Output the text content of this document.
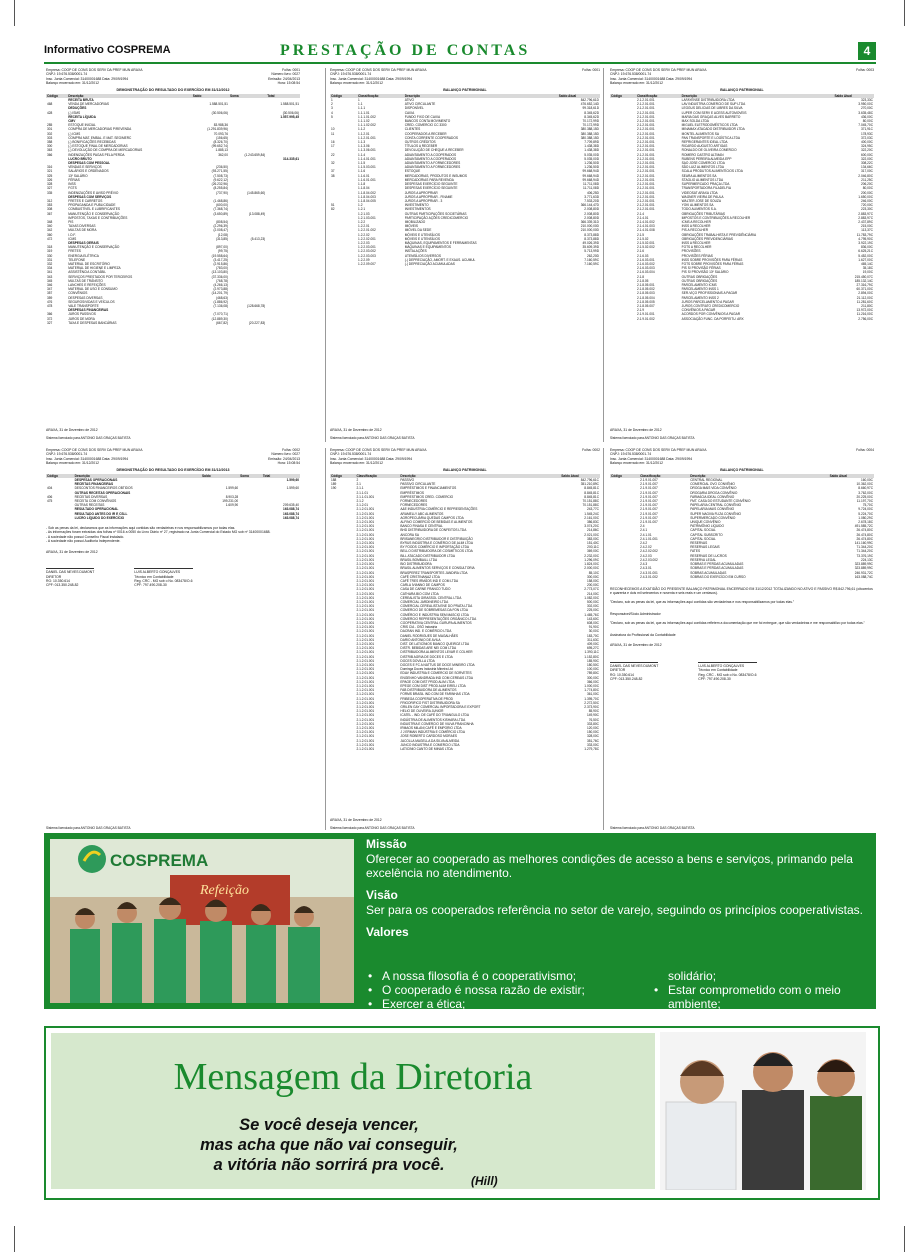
Informativo COSPREMA	PRESTAÇÃO DE CONTAS	4
Empresa: COOP DE CONS DOS SERV DA PREF MUN ARAXA
CNPJ: 19.676.538/0001-74
Insc. Junta Comercial: 31400001688 Data: 29/09/1994
Balanço encerrado em: 31/12/2012
Folha: 0001
Número livro: 0027
Emissão: 24/04/2013
Hora: 15:08:54
DEMONSTRAÇÃO DO RESULTADO DO EXERCÍCIO EM 31/12/2012
Código	Descrição	Saldo	Soma	Total
	RECEITA BRUTA			
468	VENDA DE MERCADORIAS	1.588.501,51		1.588.501,51
	DEDUÇÕES			
428	(-) ISMS	(30.506,06)		(30.506,06)
	RECEITA LÍQUIDA			1.557.995,45
	CMV			
285	ESTOQUE INICIAL	83.988,36		
301	COMPRA DE MERCADORIAS P/REVENDA	(1.291.839,96)		
302	(-) ICMS	70.093,76		
303	COMPRA MAT. EMBAL. E MAT. SEG/MERC	(156,65)		
358	(-) BONIFICAÇÕES RECEBIDAS	(8.326,70)		
300	(-) ESTOQUE FINAL DE MERCADORIAS	(99.652,74)		
363	(-) DEVOLUÇÃO DE COMPRA DE MERCADORIAS	1.885,13		
366	INDENIZAÇÕES PAGAS PELA PERDA	362,00	(1.243.659,84)	
	LUCRO BRUTO			314.335,61
	DESPESAS COM PESSOAL			
316	VENDAS E SERVIÇOS	(236,50)		
321	SALÁRIOS E ORDENADOS	(93.271,55)		
325	13º SALÁRIO	(7.508,73)		
326	FÉRIAS	(9.622,12)		
328	INSS	(26.232,96)		
327	FGTS	(8.255,84)		
335	INDENIZAÇÕES E AVISO PRÉVIO	(737,90)	(145.865,60)	
	DESPESAS COM SERVIÇOS			
312	FRETES E CARRETOS	(1.468,86)		
353	PROPAGANDA E PUBLICIDADE	(600,00)		
308	COMBUSTÍVEL E LUBRIFICANTES	(7.368,74)		
367	MANUTENÇÃO E CONSERVAÇÃO	(3.650,89)	(13.088,49)	
	IMPOSTOS, TAXAS E CONTRIBUIÇÕES			
348	PIS	(808,54)		
340	TAXAS DIVERSAS	(2.296,39)		
342	MULTAS DE MORA	(2.008,47)		
360	I.O.F.	(12,08)		
472	ICMS	(313,85)	(5.413,23)	
	DESPESAS GERAIS			
318	MANUTENÇÃO E CONSERVAÇÃO	(897,00)		
319	FRETES	(99,75)		
330	ENERGIA ELÉTRICA	(19.558,64)		
331	TELEFONE	(3.417,25)		
332	MATERIAL DE ESCRITÓRIO	(2.915,86)		
334	MATERIAL DE HIGIENE E LIMPEZA	(783,00)		
341	ASSISTÊNCIA CONTÁBIL	(13.103,80)		
343	SERVIÇOS PRESTADOS POR TERCEIROS	(37.336,00)		
345	MULTAS DE TRÂNSITO	(768,78)		
346	LANCHES E REFEIÇÕES	(4.266,13)		
347	MATERIAL DE USO E CONSUMO	(2.973,88)		
357	CONVÊNIOS	(14.201,79)		
359	DESPESAS DIVERSAS	(468,63)		
476	SEGUROS/VIDAS E VEÍCULOS	(1.886,92)		
478	VALE TRANSPORTE	(7.136,08)	(128.668,78)	
	DESPESAS FINANCEIRAS			
366	JUROS PASSIVOS	(7.070,71)		
372	JUROS DE MORA	(12.889,30)		
327	TAXA E DESPESAS BANCÁRIAS	(667,82)	(20.227,83)	
ARAXA, 31 de Dezembro de 2012
Sistema licenciado para ANTONIO DAS GRAÇAS BATISTA
Empresa: COOP DE CONS DOS SERV DA PREF MUN ARAXA
CNPJ: 19.676.538/0001-74
Insc. Junta Comercial: 31400001688 Data: 29/09/1994
Balanço encerrado em: 31/12/2012
Folha: 0001
BALANÇO PATRIMONIAL
Código	Classificação	Descrição	Saldo Atual
1	1	ATIVO	842.796,61D
2	1.1	ATIVO CIRCULANTE	476.652,14D
3	1.1.1	DISPONÍVEL	99.318,61D
4	1.1.1.01	CAIXA	8.345,62D
5	1.1.1.01.002	FUNDO FIXO DE CAIXA	8.345,62D
	1.1.1.02	BANCOS CONTA MOVIMENTO	70.172,99D
	1.1.1.02.002	CRED. COMERCIO CC 3300	70.172,99D
10	1.1.2	CLIENTES	380.388,15D
11	1.1.2.01	COOPERADOS A RECEBER	380.388,15D
	1.1.2.01.001	CONTA CORRENTE COOPERADOS	380.388,15D
16	1.1.3	OUTROS CRÉDITOS	7.709,89D
17	1.1.3.06	TÍTULOS A RECEBER	1.438,38D
	1.1.3.06.001	DEVOLUÇÃO DE CHEQUE A RECEBER	1.438,38D
22	1.1.4	ADIANTAMENTO A COOPERADOS	5.035,00D
	1.1.4.01.001	ADIANTAMENTO A COOPERADOS	5.035,00D
32	1.1.5	ADIANTAMENTO A FORNECEDORES	1.236,50D
	1.1.5.03.001	ADIANTAMENTO A FORNECEDORES	1.236,50D
37	1.1.6	ESTOQUE	99.668,94D
38	1.1.6.01	MERCADORIAS, PRODUTOS E INSUMOS	99.668,94D
	1.1.6.01.001	MERCADORIAS PARA REVENDA	99.668,94D
	1.1.8	DESPESAS EXERCÍCIO SEGUINTE	11.711,08D
	1.1.8.04	DESPESAS EXERCÍCIO SEGUINTE	11.711,08D
	1.1.8.04.002	JUROS A APROPRIAR	406,25D
	1.1.8.04.003	JUROS A APROPRIAR - FINAME	3.771,63D
	1.1.8.04.005	JUROS A APROPRIAR - 3	7.533,20D
51	1.2	INVESTIMENTO	366.144,47D
82	1.2.1	INVESTIMENTOS	2.008,80D
	1.2.1.03	OUTRAS PARTICIPAÇÕES SOCIETÁRIAS	2.008,80D
	1.2.1.03.001	PARTICIPAÇÃO AÇÕES CREDICOMERCIO	2.008,80D
	1.2.2	IMOBILIZADO	366.339,31D
	1.2.2.01	IMÓVEIS	210.000,00D
	1.2.2.01.002	IMÓVEL DA SEDE	210.000,00D
	1.2.2.02	MÓVEIS E UTENSÍLIOS	8.373,88D
	1.2.2.02.001	MÓVEIS E UTENSÍLIOS	8.373,88D
	1.2.2.03	MÁQUINAS, EQUIPAMENTOS E FERRAMENTAS	49.026,39D
	1.2.2.03.001	MÁQUINAS E EQUIPAMENTOS	35.609,39D
	1.2.2.03.002	INSTALAÇÕES	5.713,99D
	1.2.2.03.003	UTENSÍLIOS DIVERSOS	262,20D
	1.2.2.09	(-) DEPRECIAÇÃO, AMORT. E EXAUS. ACUMUL	7.160,59C
	1.2.2.09.007	(-) DEPRECIAÇÃO ACUMULADAS	7.160,59C
ARAXA, 31 de Dezembro de 2012
Sistema licenciado para ANTONIO DAS GRAÇAS BATISTA
Empresa: COOP DE CONS DOS SERV DA PREF MUN ARAXA
CNPJ: 19.676.538/0001-74
Insc. Junta Comercial: 31400001688 Data: 29/09/1994
Balanço encerrado em: 31/12/2012
Folha: 0003
BALANÇO PATRIMONIAL
Código	Classificação	Descrição	Saldo Atual
	2.1.2.01.001	LAFAYENSE DISTRIBUIDORA LTDA	323,33C
	2.1.2.01.001	LAV INDUSTRIA COMERCIO DE SUP LTDA	3.950,00C
	2.1.2.01.001	LEGGUS DELICIAS DE LIBRES DA SILVA	270,00C
	2.1.2.01.001	LUPER COM SERV E ACESS AUTOMOVEIS	3.635,48C
	2.1.2.01.001	MARIA DAS GRAÇAS ALVES BARRETO	436,00C
	2.1.2.01.001	MAX SOLDA LTDA	80,00C
	2.1.2.01.001	MIGUEL ELETRODOMÉSTICOS LTDA	7.045,70C
	2.1.2.01.001	MINAMAX ATACADO DISTRIBUIDOR LTDA	371,91C
	2.1.2.01.001	MONTEL ALIMENTOS SA	178,93C
	2.1.2.01.001	PAN TRANSPORTE E LOGÍSTICA LTDA	372,03C
	2.1.2.01.001	REFRIGERANTES IDEAL LTDA	400,00C
	2.1.2.01.001	RICARDO AUGUSTO ARTIGAS	324,95C
	2.1.2.01.001	RONALDO DE OLIVEIRA COMERCIO	322,20C
	2.1.2.01.001	ROMERO CASTRO ALTMAN	600,00C
	2.1.2.01.001	RUBENS PEREIRA ALMEIDA EPP	322,00C
	2.1.2.01.001	SAO JOSE COMERCIO LTDA	308,22C
	2.1.2.01.001	SÃO LUIZ ALIMENTOS LTDA	134,66C
	2.1.2.01.001	SCALA PRODUTOS ALIMENTÍCIOS LTDA	317,00C
	2.1.2.01.001	SEARA ALIMENTOS SA	2.046,80C
	2.1.2.01.001	STAGLIO ALIMENTOS LTDA	211,25C
	2.1.2.01.001	SUPERMERCADO PRAÇA LTDA	206,20C
	2.1.2.01.001	TRANSPORTADORA FILADELFIA	80,00C
	2.1.2.01.001	VIDEOSAT ARAXA LTDA	200,00C
	2.1.2.01.001	WAGNER VIEIRA DE PAULA	1.650,00C
	2.1.2.01.001	WALTER JOSE DE SOUZA	246,00C
	2.1.2.01.001	YOKI ALIMENTOS SA	720,00C
	2.1.2.01.001	TODO ALIMENTOS S.A.	223,30C
	2.1.4	OBRIGAÇÕES TRIBUTÁRIAS	2.883,97C
	2.1.4.01	IMPOSTOS E CONTRIBUIÇÕES A RECOLHER	2.883,97C
	2.1.4.01.002	ICMS A RECOLHER	2.437,89C
	2.1.4.01.003	INSS A RECOLHER	215,00C
	2.1.4.01.008	PIS A RECOLHER	113,37C
	2.1.5	OBRIGAÇÕES TRABALHISTA E PREVIDÊNCIÁRIA	11.783,79C
	2.1.5.02	OBRIGAÇÕES PREVIDENCIÁRIAS	4.795,90C
	2.1.5.02.001	INSS A RECOLHER	3.922,19C
	2.1.5.02.002	FGTS A RECOLHER	836,00C
	2.1.6	PROVISÕES	6.625,21C
	2.1.6.03	PROVISÕES FÉRIAS	5.452,00C
	2.1.6.03.001	INSS SOBRE PROVISÕES PARA FÉRIAS	1.627,00C
	2.1.6.03.002	FGTS SOBRE PROVISÕES PARA FÉRIAS	465,14C
	2.1.6.03.003	PIS S/ PROVISÃO FÉRIAS	35,18C
	2.1.6.03.004	PIS S/ PROVISÃO 13º SALÁRIO	19,00C
	2.1.8	OUTRAS OBRIGAÇÕES	215.450,07C
	2.1.8.05	OUTRAS OBRIGAÇÕES	185.132,14C
	2.1.8.05.001	PARCELAMENTO ICMS	27.316,79C
	2.1.8.05.002	PARCELAMENTO INSS 1	60.371,00C
	2.1.8.05.003	SER-VIÇO PROFISSIONAIS A PAGAR	2.894,00C
	2.1.8.05.004	PARCELAMENTO INSS 2	21.112,00C
	2.1.8.05.005	JUROS PARCELAMENTO A PAGAR	11.281,60C
	2.1.8.05.007	JUROS CONTRATO CREDICOMERCIO	211,80C
	2.1.9	CONVÊNIOS A PAGAR	13.972,00C
	2.1.9.01.001	ACORDOS POR CONVÊNIOS A PAGAR	11.216,00C
	2.1.9.01.002	ASSOCIAÇÃO FUNC. DA PORFEITU. ARX	2.756,00C
ARAXA, 31 de Dezembro de 2012
Sistema licenciado para ANTONIO DAS GRAÇAS BATISTA
Empresa: COOP DE CONS DOS SERV DA PREF MUN ARAXA
CNPJ: 19.676.538/0001-74
Insc. Junta Comercial: 31400001688 Data: 29/09/1994
Balanço encerrado em: 31/12/2012
Folha: 0002
Número livro: 0027
Emissão: 24/04/2013
Hora: 15:08:54
DEMONSTRAÇÃO DO RESULTADO DO EXERCÍCIO EM 31/12/2013
Código	Descrição	Saldo	Soma	Total
	DESPESAS OPERACIONAIS			1.599,60
	RECEITAS FINANCEIRAS			
404	DESCONTOS FINANCEIROS OBTIDOS	1.599,60		1.599,60
	OUTRAS RECEITAS OPERACIONAIS			
406	RECEITAS DIVERSAS	8.903,28		
475	RECEITA COM CONVÊNIOS	199.231,00		
	OUTRAS RECEITAS	1.609,90		209.635,40
	RESULTADO OPERACIONAL			163.088,74
	RESULTADO ANTES DO IR E CSLL			163.088,74
	LUCRO LÍQUIDO DO EXERCÍCIO			163.088,74
- Sob as penas da lei, declaramos que as informações aqui contidas são verdadeiras e nos responsabilizamos por todas elas.
- As informações foram extraídas dos folhas nº 0016 a 0050 do Livro Diário nº 27, registrado na Junta Comercial do Estado MG sob nº 31400001688.
- A sociedade não possui Conselho Fiscal instalado.
- A sociedade não possui Auditoria Independente.
ARAXA, 31 de Dezembro de 2012
DANIEL DAS NEVES DUMONT
DIRETOR
RG: 10.350.614
CPF: 013.350.248-82
LUIS ALBERTO GONÇALVES
Técnico em Contabilidade
Reg. CRC - MG sob o No. 083478/O-6
CPF: 797.490.208-30
Sistema licenciado para ANTONIO DAS GRAÇAS BATISTA
Empresa: COOP DE CONS DOS SERV DA PREF MUN ARAXA
CNPJ: 19.676.538/0001-74
Insc. Junta Comercial: 31400001688 Data: 29/09/1994
Balanço encerrado em: 31/12/2012
Folha: 0002
BALANÇO PATRIMONIAL
Código	Classificação	Descrição	Saldo Atual
188	2	PASSIVO	842.796,61C
189	2.1	PASSIVO CIRCULANTE	351.210,89C
190	2.1.1	EMPRÉSTIMOS E FINANCIAMENTOS	8.845,81C
	2.1.1.01	EMPRÉSTIMOS	8.845,81C
	2.1.1.01.001	EMPRESTIMOS CRED. COMERCIO	8.845,81C
	2.1.2	FORNECEDORES	70.151,88C
	2.1.2.01	FORNECEDORES	70.151,88C
	2.1.2.01.001	A&E INDUSTRIA COMÉRCIO E REPRESENTAÇÕES	243,77C
	2.1.2.01.001	ARAMELLY ABC ALIMENTOS	1.545,24C
	2.1.2.01.001	AGROPECUÁRIA QUEDAS CAMPOS LTDA	2.161,00C
	2.1.2.01.001	ALFINO COMERCIO DE BEBIDAS E ALIMENTOS	386,83C
	2.1.2.01.001	BANCO FINASA E CENTRAL	3.074,20C
	2.1.2.01.001	BHD DISTRIBUIDORA DE CONFEITOS LTDA	214,86C
	2.1.2.01.001	ANCORA SA	2.021,00C
	2.1.2.01.001	BRISANEGRIO DISTRIBUIDOR E DISTRIBUIÇÃO	383,00C
	2.1.2.01.001	BYRUS INDÚSTRIA E COMÉRCIO DE ALIM LTDA	151,40C
	2.1.2.01.001	BY FOODS COMÉRCIO E IMPORTAÇÃO LTDA	200,11C
	2.1.2.01.001	BELLO DISTRIBUIDORA DE COSMÉTICOS LTDA	369,00C
	2.1.2.01.001	BILL ATACADO DISTRIBUIDOR LTDA	2.232,00C
	2.1.2.01.001	BRASIL BOMBAILL LTDA	1.296,09C
	2.1.2.01.001	BIO DISTRIBUIDORA	1.824,00C
	2.1.2.01.001	BRASIL ALIMENTOS SERVIÇOS E CONSULTORIA	2.000,00C
	2.1.2.01.001	BRASPEREZ TRANSPORTES JANDIRA LTDA	85,10C
	2.1.2.01.001	CAFÉ CRISTINANAZ LTDA	300,00C
	2.1.2.01.001	CAFÉ TRES IRMÃOS IND E COM LTDA	158,00C
	2.1.2.01.001	CARLA IVIANNO DE CAMPOS	200,00C
	2.1.2.01.001	CASA DE CARNE FRANCO TUDO	2.773,07C
	2.1.2.01.001	CATHARA BIO COM LTDA	214,00C
	2.1.2.01.001	CEREALISTA GIRASSOL CENTRAL LTDA	1.082,00C
	2.1.2.01.001	COMERCIAL JARDINEIRO LTDA	500,00C
	2.1.2.01.001	COMERCIAL CEREALISTA ENE DO PRATA LTDA	302,00C
	2.1.2.01.001	COMERCIO DE SOBREMESAS DA FON LTDA	225,00C
	2.1.2.01.001	COMÉRCIO E INDÚSTRIA SEM MASCIO LTDA	1.465,76C
	2.1.2.01.001	COMERCIO REPRESENTAÇÕES ORGÂNICO LTDA	143,60C
	2.1.2.01.001	COOPERATIVA CENTRAL GURUPA ALIMENTOS	608,00C
	2.1.2.01.001	CRIS CIA - OSÓ Industria	91,90C
	2.1.2.01.001	DACRAN IND. E COMÉRCIO LTDA	30,00C
	2.1.2.01.001	DANIEL RODRIGUES DE MAGALHÃES	183,70C
	2.1.2.01.001	DARIO ANTONIO DE AVILA	311,63C
	2.1.2.01.001	DIST. DE LATICÍNIOS BIANCO QUEIROZ LTDA	409,00C
	2.1.2.01.001	DISTR. BEBIDAS ARE NEI COM LTDA	695,27C
	2.1.2.01.001	DISTRIBUIDORA ALIMENTOS LEVAR E COLHER	1.390,11C
	2.1.2.01.001	DISTRIB AGRIA DE DOCES E LTDA	1.152,80C
	2.1.2.01.001	DOCES DOVILLA LTDA	185,90C
	2.1.2.01.001	DOCES E FC A NATTUS DE DOCE MINEIRO LTDA	180,50C
	2.1.2.01.001	Dominga Doces Industria Mineira Ltd	100,00C
	2.1.2.01.001	EDAV INDUSTRIA E COMERCIO DE SORVETES	789,80C
	2.1.2.01.001	ENGENHO VANDRADA IND COM CEREAIS LTDA	300,00C
	2.1.2.01.001	EPAGE COM DIST PROD ALIM LTDA	366,00C
	2.1.2.01.001	EPEGE COM DIST PROD ALIM EIRELI LTDA	1.000,00C
	2.1.2.01.001	FAB DISTRIBUIDORA DE ALIMENTOS	1.774,80C
	2.1.2.01.001	FORMS BRASIL IND COM DE FARINHAS LTDA	361,00C
	2.1.2.01.001	FRIBEGA COOPERATIVA DE PROD	1.395,70C
	2.1.2.01.001	FRIGORIFICO FIST DISTRIBUIDORA SA	2.272,50C
	2.1.2.01.001	GRILEN GAY COMERCIAL IMPORTADORA E EXPORT	2.373,90C
	2.1.2.01.001	HELIO DE OLIVEIRA JUNIOR	85,90C
	2.1.2.01.001	ICATEL - IND. DE CAFÉ DO TRIANGULO LTDA	149,90C
	2.1.2.01.001	INDÚSTRIA DE ALIMENTOS KISHARA LTDA	76,50C
	2.1.2.01.001	INDUSTRIA E COMERCIO DE VIUVA FRANCINHA	333,80C
	2.1.2.01.001	IRMAOS MILANI CAFÉ E EMPORIO LTDA	120,00C
	2.1.2.01.001	J J ERMAN INDÚSTRIA E COMÉRCIO LTDA	150,00C
	2.1.2.01.001	JOSE ROBERTO CARDOSO MORAES	328,00C
	2.1.2.01.001	JACOLLA MAGELLA DA SILVA ALMEIDA	351,76C
	2.1.2.01.001	JUNCO INDUSTRIA E COMERCIO LTDA	333,00C
	2.1.2.01.001	LATICINIO CANTO DE MINAS LTDA	1.279,78C
ARAXA, 31 de Dezembro de 2012
Sistema licenciado para ANTONIO DAS GRAÇAS BATISTA
Empresa: COOP DE CONS DOS SERV DA PREF MUN ARAXA
CNPJ: 19.676.538/0001-74
Insc. Junta Comercial: 31400001688 Data: 29/09/1994
Balanço encerrado em: 31/12/2012
Folha: 0004
BALANÇO PATRIMONIAL
Código	Classificação	Descrição	Saldo Atual
	2.1.9.01.007	CENTRAL REGIONAL	160,00C
	2.1.9.01.007	COMERCIAL OVO CONVÊNIO	10.362,00C
	2.1.9.01.007	DROGA MAIS VIDA CONVÊNIO	8.660,97C
	2.1.9.01.007	DROGARIA DROGA CONVÊNIO	3.762,00C
	2.1.9.01.007	FARMÁCIA IDEAL CONVÊNIO	20.225,00C
	2.1.9.01.007	FMT. CASA DO ESTUDANTE CONVÊNIO	11.197,70C
	2.1.9.01.007	PAPELARIA CENTRAL CONVÊNIO	75,70C
	2.1.9.01.007	PAPELARIA MAIS CONVÊNIO	9.724,00C
	2.1.9.01.007	SUPER NAGIVA FLIZA CONVÊNIO	5.224,70C
	2.1.9.01.007	SUPERMERCADO CONVÊNIO	1.080,29C
	2.1.9.01.007	UNIQUE CONVÊNIO	2.678,18C
	2.4	PATRIMÔNIO LÍQUIDO	491.585,72C
	2.4.1	CAPITAL SOCIAL	26.474,80C
	2.4.1.01	CAPITAL SUBSCRITO	26.474,80C
	2.4.1.01.001	CAPITAL SOCIAL	26.474,80C
	2.4.2	RESERVAS	141.160,99C
	2.4.2.02	RESERVAS LEGAIS	71.344,20C
	2.4.2.02.002	FATES	71.344,20C
	2.4.2.03	RESERVAS DE LUCROS	73.376,19C
	2.4.2.03.002	RESERVA LEGAL	224,13C
	2.4.3	SOBRAS E PERDAS ACUMULADAS	323.889,99C
	2.4.3.01	SOBRAS E PERDAS ACUMULADAS	323.889,99C
	2.4.3.01.001	SOBRAS ACUMULADAS	246.931,72C
	2.4.3.01.002	SOBRAS DO EXERCÍCIO EM CURSO	163.088,74C
RECONHECEMOS A EXATIDÃO DO PRESENTE BALANÇO PATRIMONIAL ENCERRADO EM 31/12/2012 TOTALIZANDO NO ATIVO E PASSIVO R$ 842.796,61 (oitocentos e quarenta e dois mil setecentos e noventa e seis reais e um centavos).
"Declaro, sob as penas da lei, que as informações aqui contidas são verdadeiras e nos responsabilizamos por todas elas."
Responsável/Sócio Administrador
"Declaro, sob as penas da lei, que as informações aqui contidas refletem a documentação que me foi entregue, que são verdadeiras e me responsabilizo por todas elas."
Assinatura do Profissional da Contabilidade
ARAXA, 31 de Dezembro de 2012
DANIEL DAS NEVES DUMONT
DIRETOR
RG: 10.350.614
CPF: 013.350.248-82
LUIS ALBERTO GONÇALVES
Técnico em Contabilidade
Reg. CRC - MG sob o No. 083478/O-6
CPF: 797.490.208-30
Sistema licenciado para ANTONIO DAS GRAÇAS BATISTA
Refeição
COSPREMA
Missão
Oferecer ao cooperado as melhores condições de acesso a bens e serviços, primando pela excelência no atendimento.
Visão
Ser para os cooperados referência no setor de varejo, seguindo os princípios cooperativistas.
Valores
• A nossa filosofia é o cooperativismo;
• O cooperado é nossa razão de existir;
• Exercer a ética;
• Gestão democrática;
•
solidário;
• Estar comprometido com o meio ambiente;
• Promover o fortalecimento e a
•
Mensagem da Diretoria
Se você deseja vencer,
mas acha que não vai conseguir,
a vitória não sorrirá pra você.
(Hill)
